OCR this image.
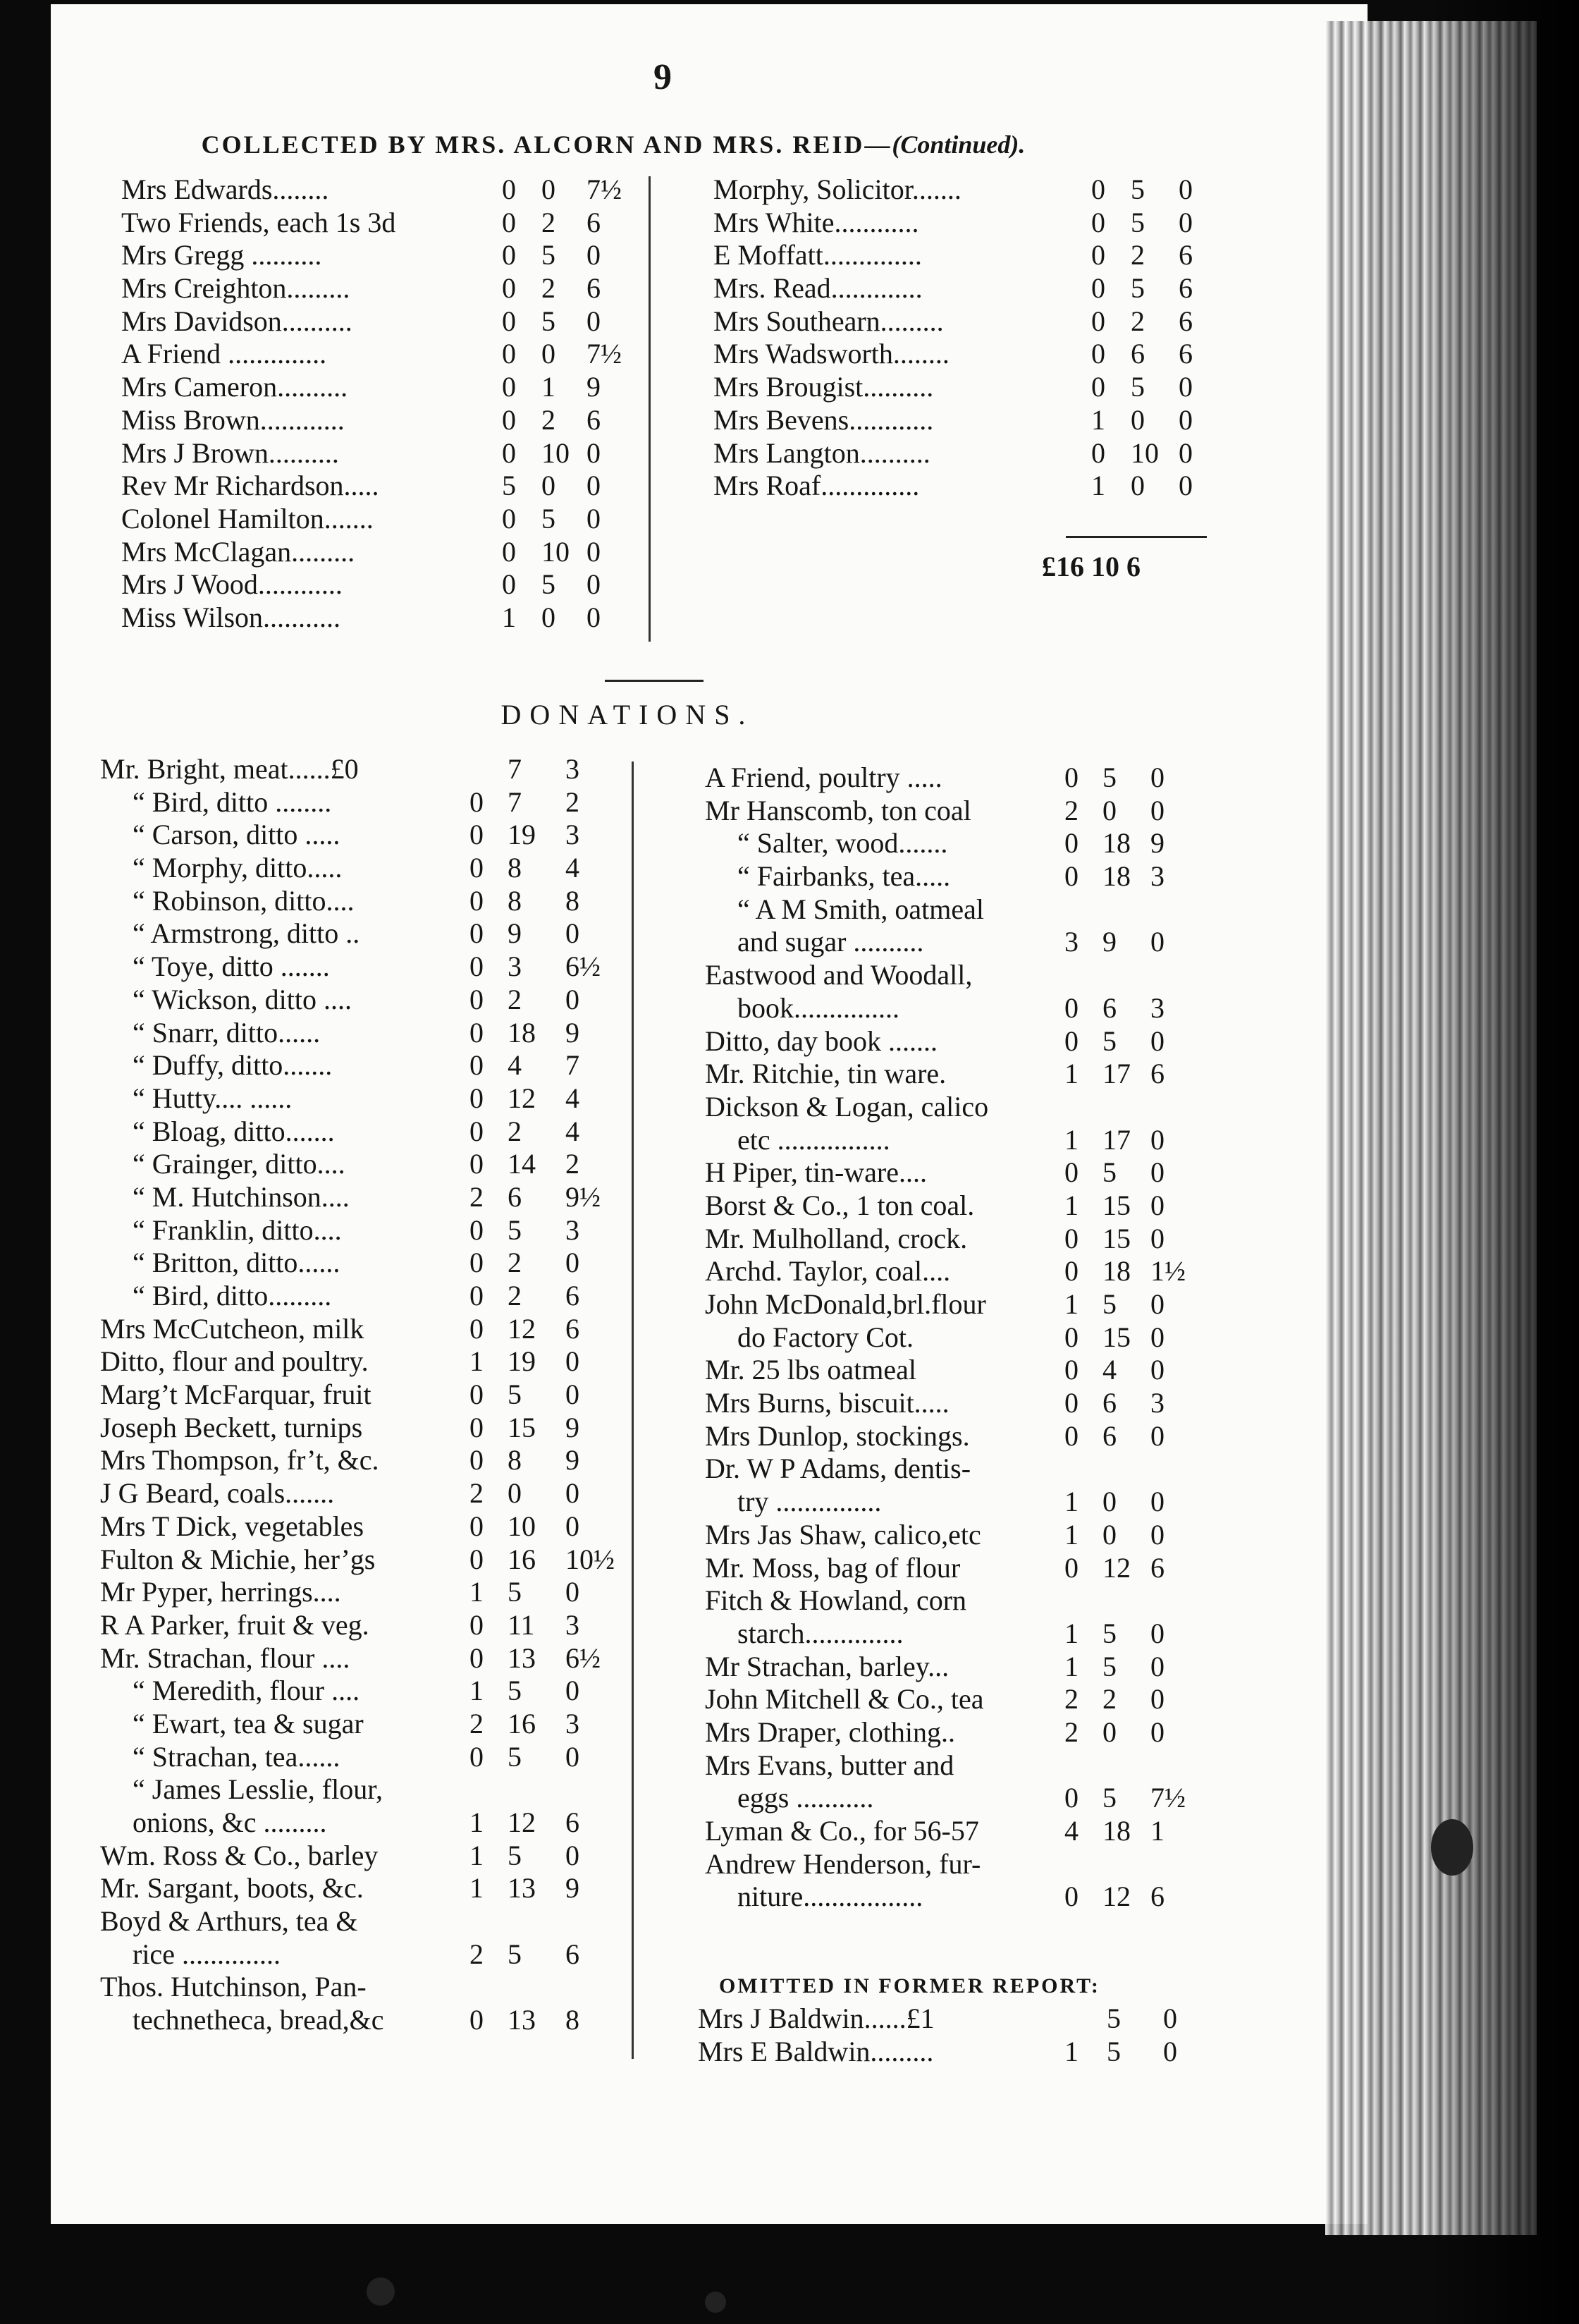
9
COLLECTED BY MRS. ALCORN AND MRS. REID—(Continued).
Mrs Edwards........	0 0 7½
Two Friends, each 1s 3d	0 2 6
Mrs Gregg ..........	0 5 0
Mrs Creighton.........	0 2 6
Mrs Davidson..........	0 5 0
A Friend ..............	0 0 7½
Mrs Cameron..........	0 1 9
Miss Brown............	0 2 6
Mrs J Brown..........	0 10 0
Rev Mr Richardson.....	5 0 0
Colonel Hamilton.......	0 5 0
Mrs McClagan.........	0 10 0
Mrs J Wood............	0 5 0
Miss Wilson...........	1 0 0
Morphy, Solicitor.......	0 5 0
Mrs White............	0 5 0
E Moffatt..............	0 2 6
Mrs. Read.............	0 5 6
Mrs Southearn.........	0 2 6
Mrs Wadsworth........	0 6 6
Mrs Brougist..........	0 5 0
Mrs Bevens............	1 0 0
Mrs Langton..........	0 10 0
Mrs Roaf..............	1 0 0
£16 10 6
DONATIONS.
Mr. Bright, meat......£0	7 3
“ Bird, ditto ........	0 7 2
“ Carson, ditto .....	0 19 3
“ Morphy, ditto.....	0 8 4
“ Robinson, ditto....	0 8 8
“ Armstrong, ditto ..	0 9 0
“ Toye, ditto .......	0 3 6½
“ Wickson, ditto ....	0 2 0
“ Snarr, ditto......	0 18 9
“ Duffy, ditto.......	0 4 7
“ Hutty.... ......	0 12 4
“ Bloag, ditto.......	0 2 4
“ Grainger, ditto....	0 14 2
“ M. Hutchinson....	2 6 9½
“ Franklin, ditto....	0 5 3
“ Britton, ditto......	0 2 0
“ Bird, ditto.........	0 2 6
Mrs McCutcheon, milk	0 12 6
Ditto, flour and poultry.	1 19 0
Marg’t McFarquar, fruit	0 5 0
Joseph Beckett, turnips	0 15 9
Mrs Thompson, fr’t, &c.	0 8 9
J G Beard, coals.......	2 0 0
Mrs T Dick, vegetables	0 10 0
Fulton & Michie, her’gs	0 16 10½
Mr Pyper, herrings....	1 5 0
R A Parker, fruit & veg.	0 11 3
Mr. Strachan, flour ....	0 13 6½
“ Meredith, flour ....	1 5 0
“ Ewart, tea & sugar	2 16 3
“ Strachan, tea......	0 5 0
“ James Lesslie, flour,
onions, &c .........	1 12 6
Wm. Ross & Co., barley	1 5 0
Mr. Sargant, boots, &c.	1 13 9
Boyd & Arthurs, tea &
rice ..............	2 5 6
Thos. Hutchinson, Pan-
technetheca, bread,&c	0 13 8
A Friend, poultry .....	0 5 0
Mr Hanscomb, ton coal	2 0 0
“ Salter, wood.......	0 18 9
“ Fairbanks, tea.....	0 18 3
“ A M Smith, oatmeal
and sugar ..........	3 9 0
Eastwood and Woodall,
book...............	0 6 3
Ditto, day book .......	0 5 0
Mr. Ritchie, tin ware.	1 17 6
Dickson & Logan, calico
etc ................	1 17 0
H Piper, tin-ware....	0 5 0
Borst & Co., 1 ton coal.	1 15 0
Mr. Mulholland, crock.	0 15 0
Archd. Taylor, coal....	0 18 1½
John McDonald,brl.flour	1 5 0
do Factory Cot.	0 15 0
Mr. 25 lbs oatmeal	0 4 0
Mrs Burns, biscuit.....	0 6 3
Mrs Dunlop, stockings.	0 6 0
Dr. W P Adams, dentis-
try ...............	1 0 0
Mrs Jas Shaw, calico,etc	1 0 0
Mr. Moss, bag of flour	0 12 6
Fitch & Howland, corn
starch..............	1 5 0
Mr Strachan, barley...	1 5 0
John Mitchell & Co., tea	2 2 0
Mrs Draper, clothing..	2 0 0
Mrs Evans, butter and
eggs ...........	0 5 7½
Lyman & Co., for 56-57	4 18 1
Andrew Henderson, fur-
niture.................	0 12 6
OMITTED IN FORMER REPORT:
Mrs J Baldwin......£1	5 0
Mrs E Baldwin.........	1 5 0
